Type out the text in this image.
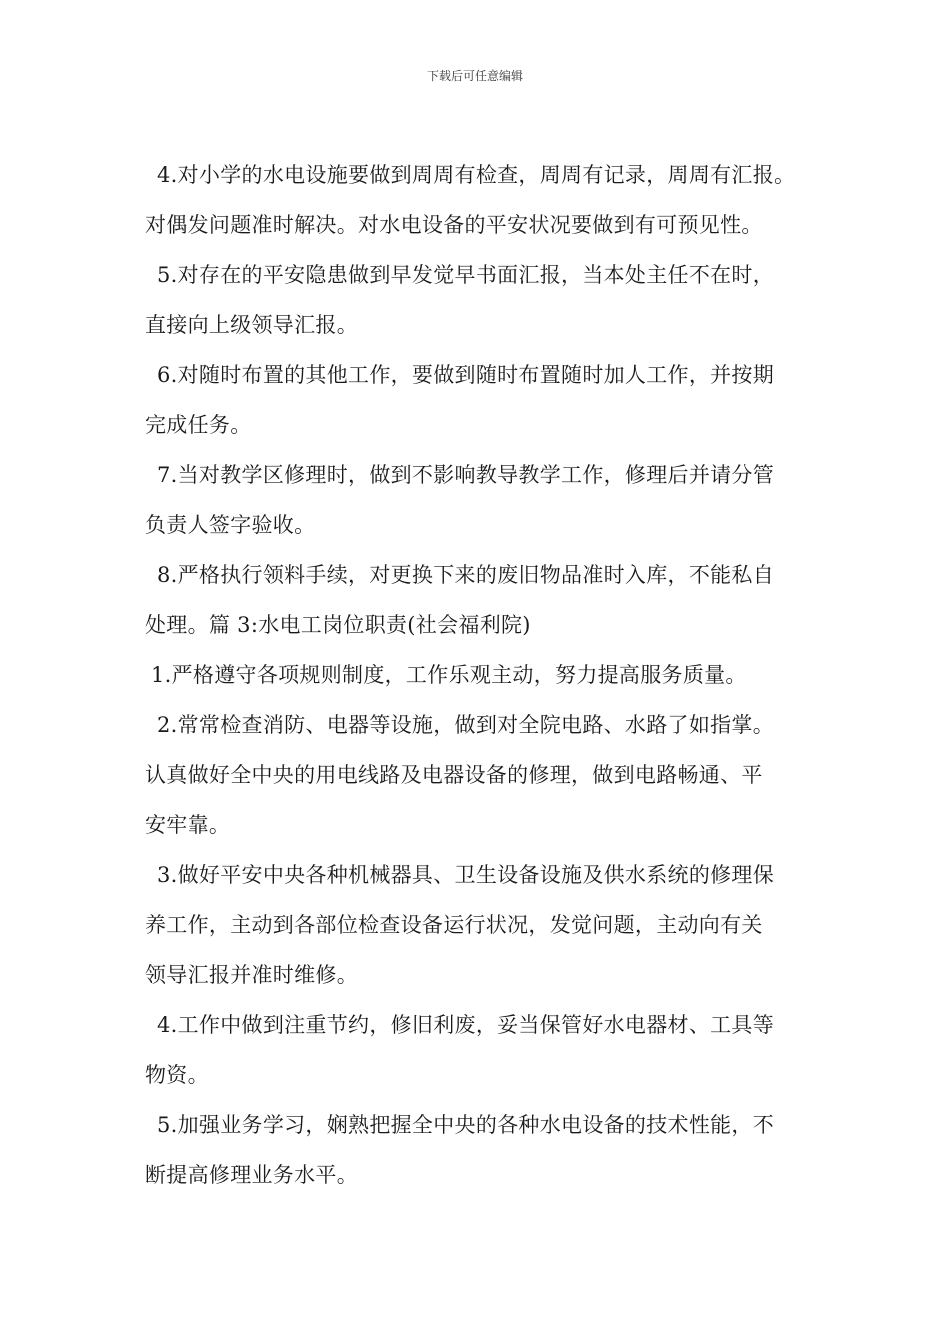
下载后可任意编辑
4.对小学的水电设施要做到周周有检查，周周有记录，周周有汇报。
对偶发问题准时解决。对水电设备的平安状况要做到有可预见性。
5.对存在的平安隐患做到早发觉早书面汇报，当本处主任不在时，
直接向上级领导汇报。
6.对随时布置的其他工作，要做到随时布置随时加人工作，并按期
完成任务。
7.当对教学区修理时，做到不影响教导教学工作，修理后并请分管
负责人签字验收。
8.严格执行领料手续，对更换下来的废旧物品准时入库，不能私自
处理。篇 3:水电工岗位职责(社会福利院)
1.严格遵守各项规则制度，工作乐观主动，努力提高服务质量。
2.常常检查消防、电器等设施，做到对全院电路、水路了如指掌。
认真做好全中央的用电线路及电器设备的修理，做到电路畅通、平
安牢靠。
3.做好平安中央各种机械器具、卫生设备设施及供水系统的修理保
养工作，主动到各部位检查设备运行状况，发觉问题，主动向有关
领导汇报并准时维修。
4.工作中做到注重节约，修旧利废，妥当保管好水电器材、工具等
物资。
5.加强业务学习，娴熟把握全中央的各种水电设备的技术性能，不
断提高修理业务水平。
